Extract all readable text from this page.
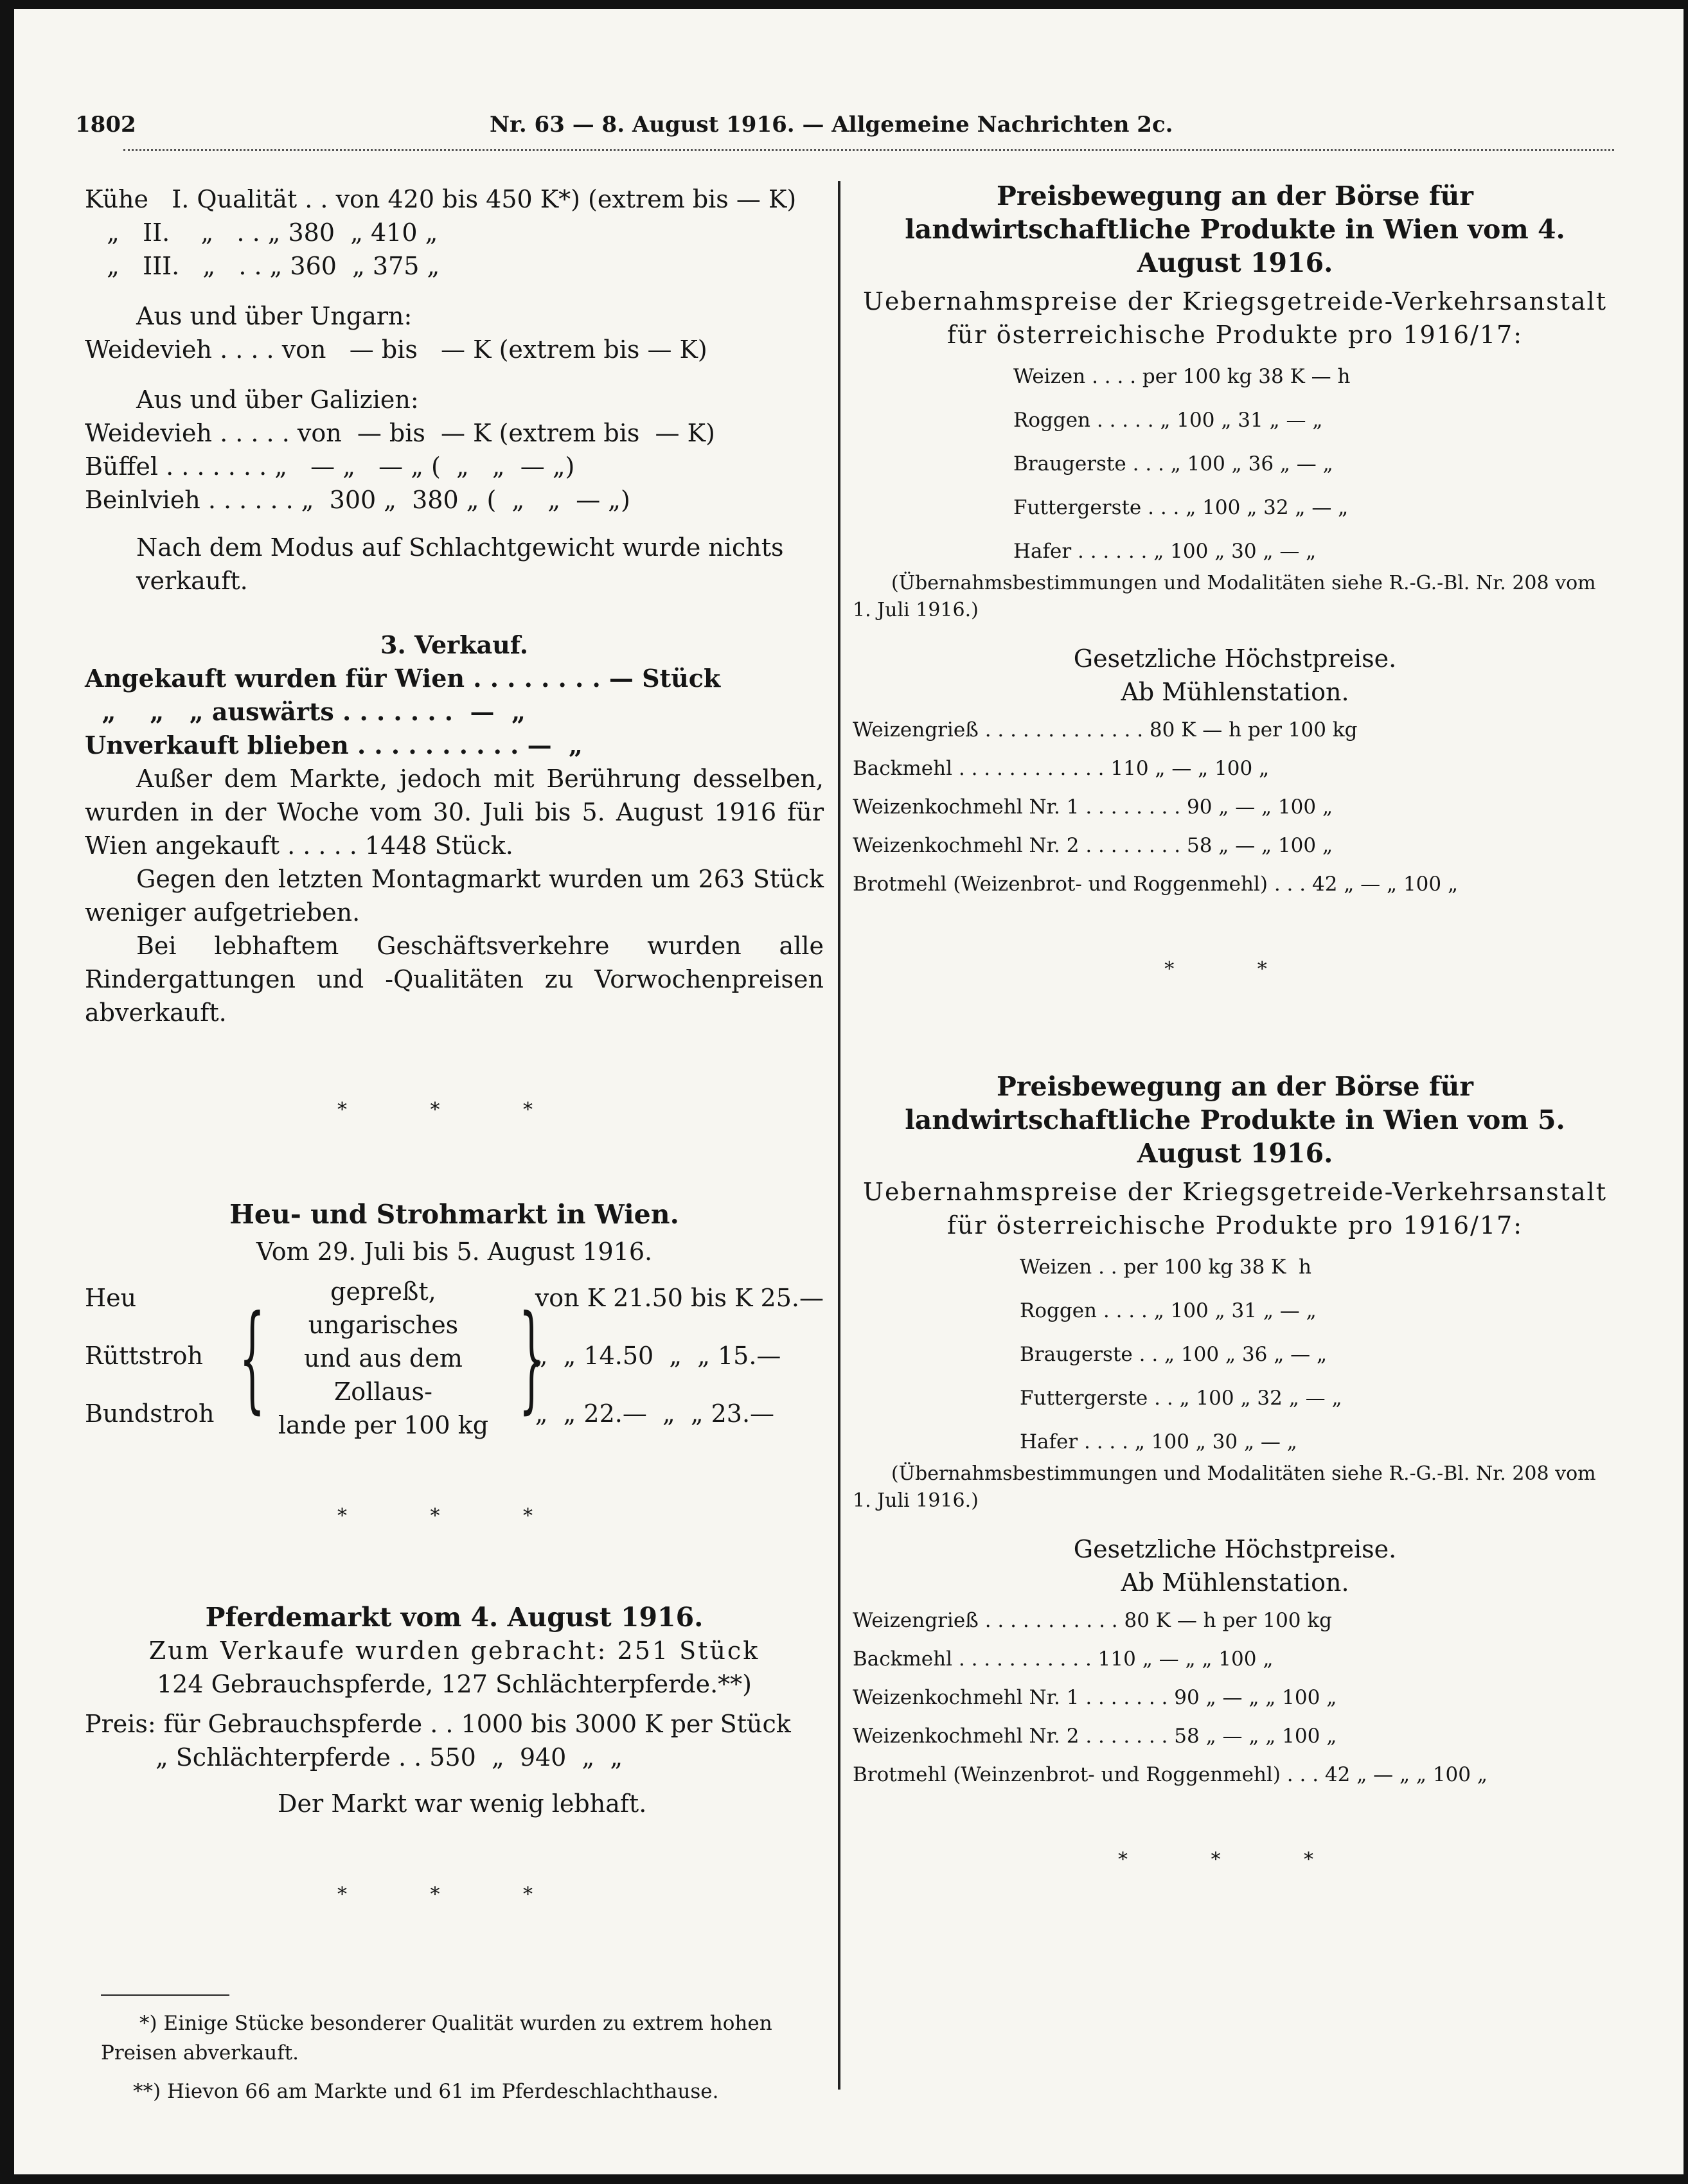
1802	Nr. 63 — 8. August 1916. — Allgemeine Nachrichten 2c.
Kühe   I. Qualität . . von 420 bis 450 K*) (extrem bis — K)
„   II.    „   . . „ 380  „ 410 „
„   III.   „   . . „ 360  „ 375 „
Aus und über Ungarn:
Weidevieh . . . . von   — bis   — K (extrem bis — K)
Aus und über Galizien:
Weidevieh . . . . . von  — bis  — K (extrem bis  — K)
Büffel . . . . . . . „   — „   — „ (  „   „  — „)
Beinlvieh . . . . . . „  300 „  380 „ (  „   „  — „)
Nach dem Modus auf Schlachtgewicht wurde nichts verkauft.
3. Verkauf.
Angekauft wurden für Wien . . . . . . . . — Stück
„    „   „ auswärts . . . . . . .  —  „
Unverkauft blieben . . . . . . . . . . —  „

Außer dem Markte, jedoch mit Berührung desselben, wurden in der Woche vom 30. Juli bis 5. August 1916 für Wien angekauft . . . . . 1448 Stück.

Gegen den letzten Montagmarkt wurden um 263 Stück weniger aufgetrieben.

Bei lebhaftem Geschäftsverkehre wurden alle Rindergattungen und -Qualitäten zu Vorwochenpreisen abverkauft.

* * *

Heu- und Strohmarkt in Wien.
Vom 29. Juli bis 5. August 1916.
Heu
Rüttstroh
Bundstroh {	gepreßt, ungarisches
und aus dem Zollaus-
lande per 100 kg }
von K 21.50 bis K 25.—
„  „ 14.50  „  „ 15.—
„  „ 22.—  „  „ 23.—

* * *

Pferdemarkt vom 4. August 1916.
Zum Verkaufe wurden gebracht: 251 Stück
124 Gebrauchspferde, 127 Schlächterpferde.**)
Preis: für Gebrauchspferde . . 1000 bis 3000 K per Stück
„ Schlächterpferde . . 550  „  940  „  „
Der Markt war wenig lebhaft.

* * *

*) Einige Stücke besonderer Qualität wurden zu extrem hohen Preisen abverkauft.
**) Hievon 66 am Markte und 61 im Pferdeschlachthause.
Preisbewegung an der Börse für landwirtschaftliche Produkte in Wien vom 4. August 1916.
Uebernahmspreise der Kriegsgetreide-Verkehrsanstalt für österreichische Produkte pro 1916/17:
Weizen . . . . per 100 kg 38 K — h
Roggen . . . . . „ 100 „ 31 „ — „
Braugerste . . . „ 100 „ 36 „ — „
Futtergerste . . . „ 100 „ 32 „ — „
Hafer . . . . . . „ 100 „ 30 „ — „
(Übernahmsbestimmungen und Modalitäten siehe R.-G.-Bl. Nr. 208 vom 1. Juli 1916.)
Gesetzliche Höchstpreise.
Ab Mühlenstation.
Weizengrieß . . . . . . . . . . . . . 80 K — h per 100 kg
Backmehl . . . . . . . . . . . . 110 „ — „ 100 „
Weizenkochmehl Nr. 1 . . . . . . . . 90 „ — „ 100 „
Weizenkochmehl Nr. 2 . . . . . . . . 58 „ — „ 100 „
Brotmehl (Weizenbrot- und Roggenmehl) . . . 42 „ — „ 100 „

* *

Preisbewegung an der Börse für landwirtschaftliche Produkte in Wien vom 5. August 1916.
Uebernahmspreise der Kriegsgetreide-Verkehrsanstalt für österreichische Produkte pro 1916/17:
Weizen . . per 100 kg 38 K  h
Roggen . . . . „ 100 „ 31 „ — „
Braugerste . . „ 100 „ 36 „ — „
Futtergerste . . „ 100 „ 32 „ — „
Hafer . . . . „ 100 „ 30 „ — „
(Übernahmsbestimmungen und Modalitäten siehe R.-G.-Bl. Nr. 208 vom 1. Juli 1916.)
Gesetzliche Höchstpreise.
Ab Mühlenstation.
Weizengrieß . . . . . . . . . . . 80 K — h per 100 kg
Backmehl . . . . . . . . . . . 110 „ — „ „ 100 „
Weizenkochmehl Nr. 1 . . . . . . . 90 „ — „ „ 100 „
Weizenkochmehl Nr. 2 . . . . . . . 58 „ — „ „ 100 „
Brotmehl (Weinzenbrot- und Roggenmehl) . . . 42 „ — „ „ 100 „

* * *
